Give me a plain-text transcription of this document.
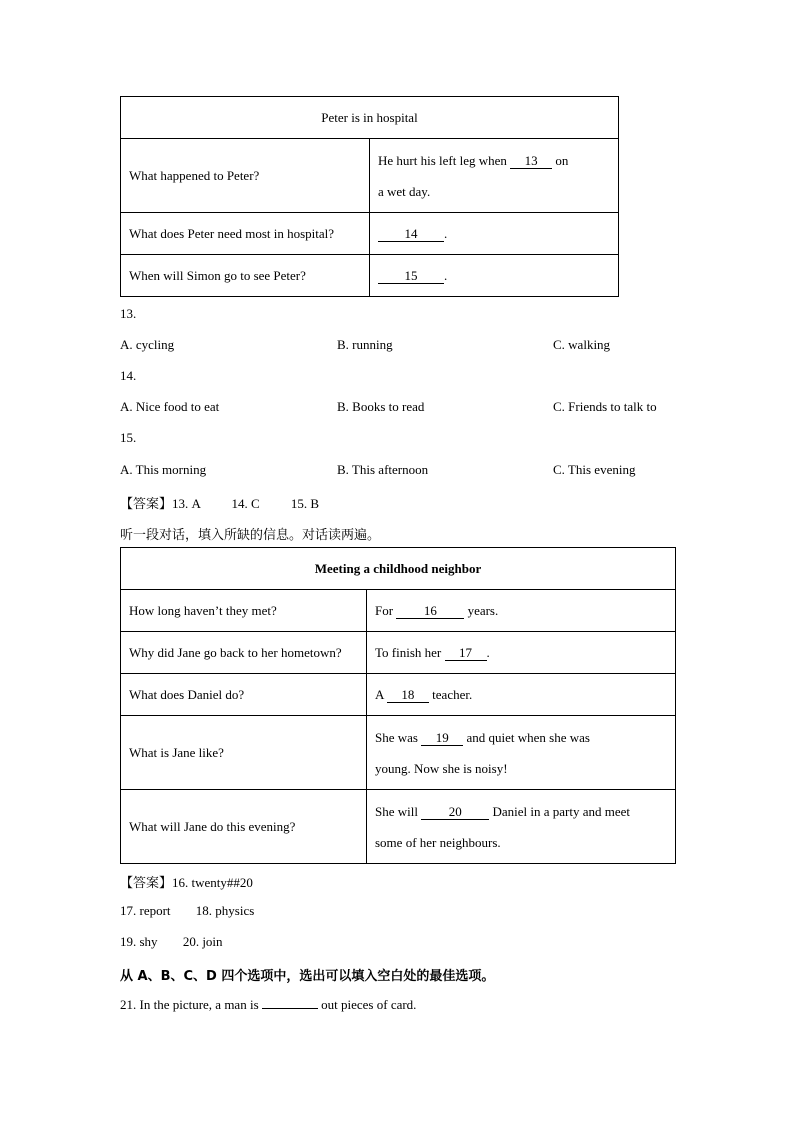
Peter is in hospital	
What happened to Peter?	He hurt his left leg when 13 on
a wet day.

What does Peter need most in hospital?	14 .
When will Simon go to see Peter?	15 .
13.
A. cycling	B. running	C. walking
14.
A. Nice food to eat	B. Books to read	C. Friends to talk to
15.
A. This morning	B. This afternoon	C. This evening
【答案】13. A 14. C 15. B
听一段对话，填入所缺的信息。对话读两遍。
Meeting a childhood neighbor	
How long haven’t they met?	For 16 years.
Why did Jane go back to her hometown?	To finish her 17 .
What does Daniel do?	A 18 teacher.
What is Jane like?	She was 19 and quiet when she was
young. Now she is noisy!

What will Jane do this evening?	She will 20 Daniel in a party and meet
some of her neighbours.
【答案】16. twenty##20
17. report 18. physics
19. shy 20. join
从 A、B、C、D 四个选项中，选出可以填入空白处的最佳选项。
21. In the picture, a man is	out pieces of card.
